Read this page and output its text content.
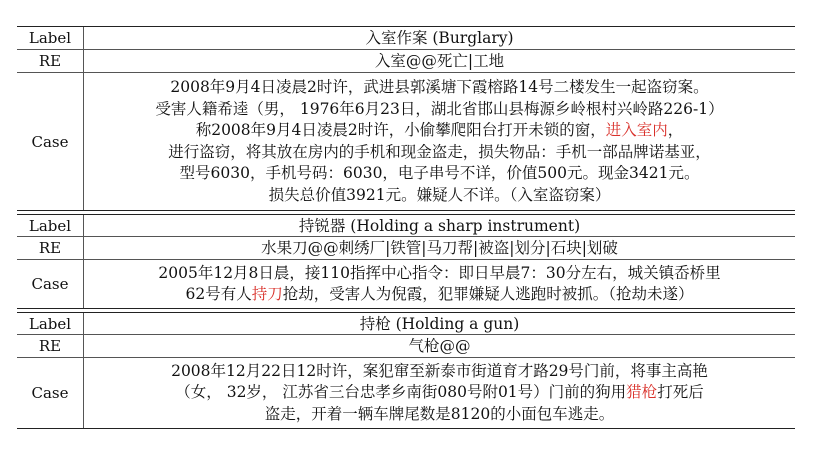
Label	入室作案 (Burglary)
RE	入室@@死亡|工地
Case
2008年9月4日凌晨2时许，武进县郭溪塘下霞榕路14号二楼发生一起盗窃案。
受害人籍希逵（男， 1976年6月23日，湖北省邯山县梅源乡岭根村兴岭路226-1）
称2008年9月4日凌晨2时许，小偷攀爬阳台打开未锁的窗，进入室内，
进行盗窃，将其放在房内的手机和现金盗走，损失物品：手机一部品牌诺基亚，
型号6030，手机号码：6030，电子串号不详，价值500元。现金3421元。
损失总价值3921元。嫌疑人不详。（入室盗窃案）
Label	持锐器 (Holding a sharp instrument)
RE	水果刀@@刺绣厂|铁管|马刀帮|被盗|划分|石块|划破
Case
2005年12月8日晨，接110指挥中心指令：即日早晨7：30分左右，城关镇岙桥里
62号有人持刀抢劫，受害人为倪霞，犯罪嫌疑人逃跑时被抓。（抢劫未遂）
Label	持枪 (Holding a gun)
RE	气枪@@
Case
2008年12月22日12时许，案犯窜至新泰市街道育才路29号门前，将事主高艳
（女， 32岁， 江苏省三台忠孝乡南街080号附01号）门前的狗用猎枪打死后
盗走，开着一辆车牌尾数是8120的小面包车逃走。
